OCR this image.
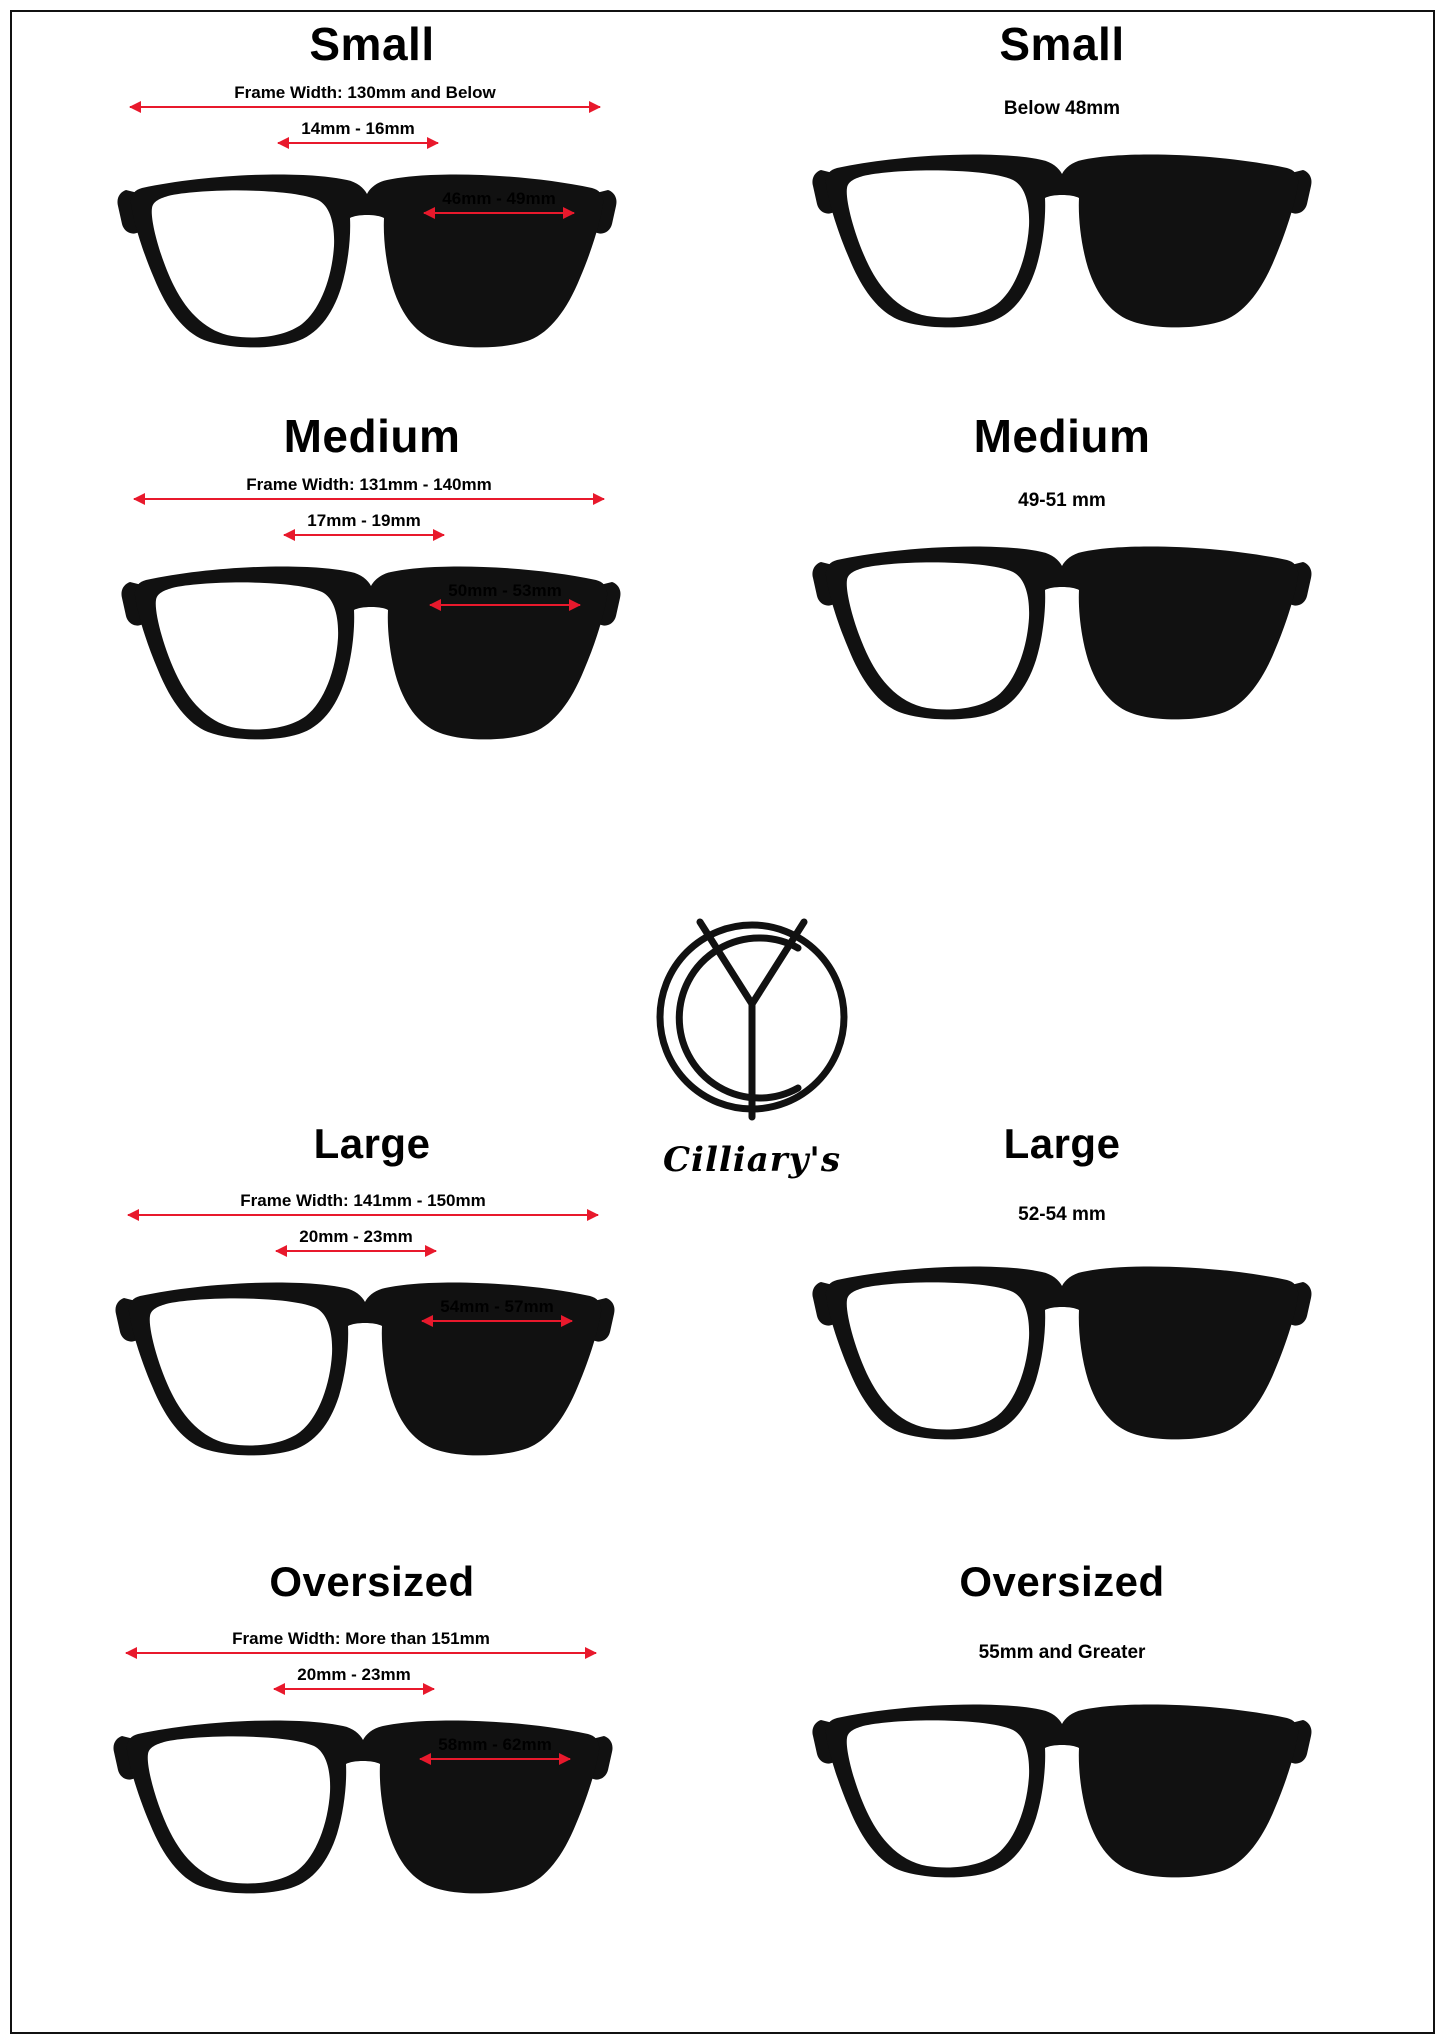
Small
Frame Width: 130mm and Below
14mm - 16mm
46mm - 49mm
Small
Below 48mm
Medium
Frame Width: 131mm - 140mm
17mm - 19mm
50mm - 53mm
Medium
49-51 mm
Cilliary's
Large
Frame Width: 141mm - 150mm
20mm - 23mm
54mm - 57mm
Large
52-54 mm
Oversized
Frame Width: More than 151mm
20mm - 23mm
58mm - 62mm
Oversized
55mm and Greater
